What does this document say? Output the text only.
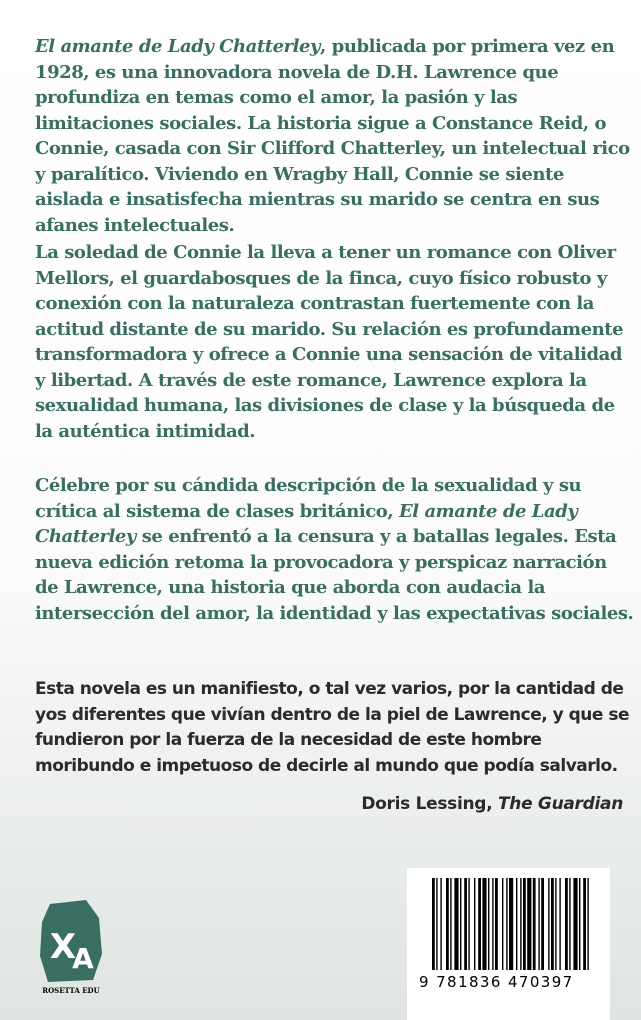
El amante de Lady Chatterley, publicada por primera vez en 1928, es una innovadora novela de D.H. Lawrence que profundiza en temas como el amor, la pasión y las limitaciones sociales. La historia sigue a Constance Reid, o Connie, casada con Sir Clifford Chatterley, un intelectual rico y paralítico. Viviendo en Wragby Hall, Connie se siente aislada e insatisfecha mientras su marido se centra en sus afanes intelectuales.

La soledad de Connie la lleva a tener un romance con Oliver Mellors, el guardabosques de la finca, cuyo físico robusto y conexión con la naturaleza contrastan fuertemente con la actitud distante de su marido. Su relación es profundamente transformadora y ofrece a Connie una sensación de vitalidad y libertad. A través de este romance, Lawrence explora la sexualidad humana, las divisiones de clase y la búsqueda de la auténtica intimidad.

Célebre por su cándida descripción de la sexualidad y su crítica al sistema de clases británico, El amante de Lady Chatterley se enfrentó a la censura y a batallas legales. Esta nueva edición retoma la provocadora y perspicaz narración de Lawrence, una historia que aborda con audacia la intersección del amor, la identidad y las expectativas sociales.

Esta novela es un manifiesto, o tal vez varios, por la cantidad de yos diferentes que vivían dentro de la piel de Lawrence, y que se fundieron por la fuerza de la necesidad de este hombre moribundo e impetuoso de decirle al mundo que podía salvarlo.

Doris Lessing, The Guardian

X
A
ROSETTA EDU	9 781836 470397
